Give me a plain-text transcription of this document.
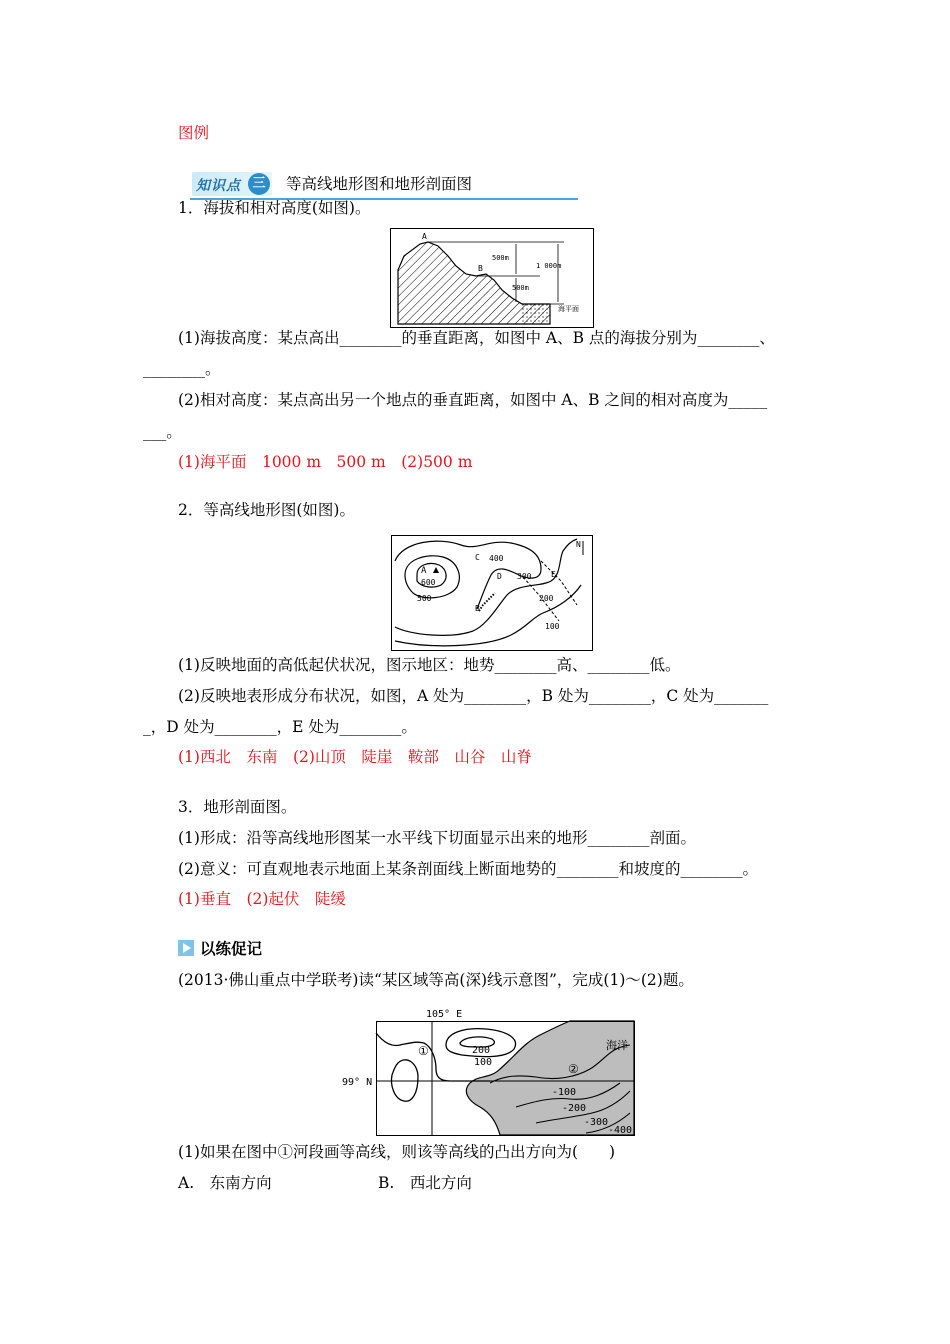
图例
知识点 三 等高线地形图和地形剖面图
1．海拔和相对高度(如图)。
A
B
500m
500m
1 000m
海平面
(1)海拔高度：某点高出________的垂直距离，如图中 A、B 点的海拔分别为________、
________。
(2)相对高度：某点高出另一个地点的垂直距离，如图中 A、B 之间的相对高度为_____
___。
(1)海平面　1000 m　500 m　(2)500 m
2．等高线地形图(如图)。
A
600
500
C 400
D 300 E
200
B
100
N
(1)反映地面的高低起伏状况，图示地区：地势________高、________低。
(2)反映地表形成分布状况，如图，A 处为________，B 处为________，C 处为_______
_，D 处为________，E 处为________。
(1)西北　东南　(2)山顶　陡崖　鞍部　山谷　山脊
3．地形剖面图。
(1)形成：沿等高线地形图某一水平线下切面显示出来的地形________剖面。
(2)意义：可直观地表示地面上某条剖面线上断面地势的________和坡度的________。
(1)垂直　(2)起伏　陡缓
以练促记
(2013·佛山重点中学联考)读“某区域等高(深)线示意图”，完成(1)～(2)题。
105° E
99° N
海洋
①
②
200
100
-100
-200
-300
-400
(1)如果在图中①河段画等高线，则该等高线的凸出方向为(　　)
A.　东南方向	B.　西北方向
